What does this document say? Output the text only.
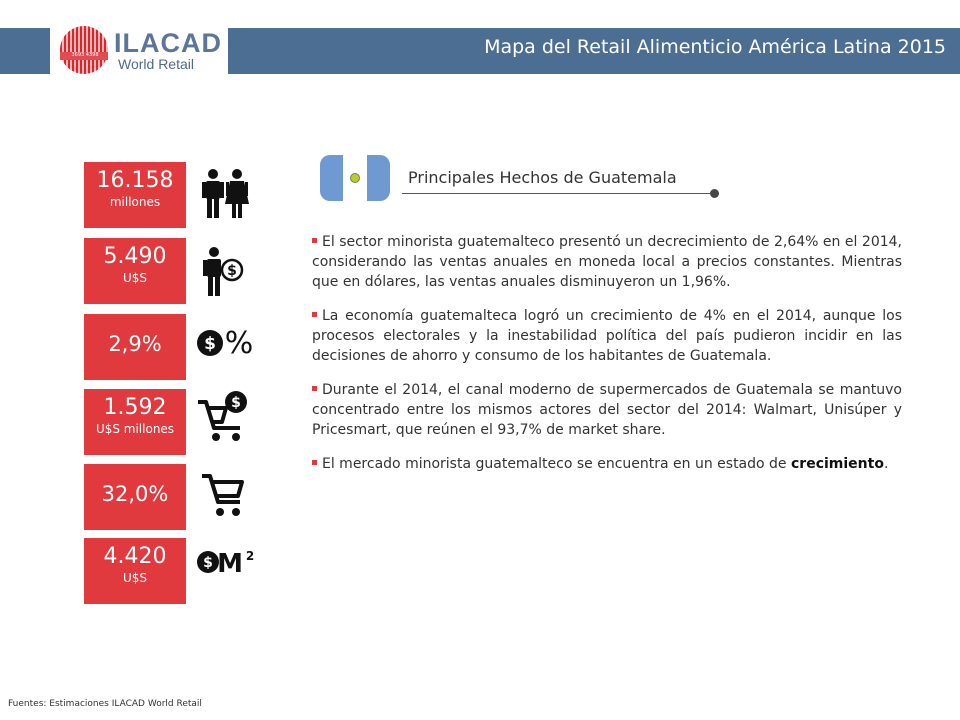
3693 4398 ILACAD
World Retail
Mapa del Retail Alimenticio América Latina 2015
16.158
millones
5.490
U$S
2,9%
1.592
U$S millones
32,0%
4.420
U$S
$
$ %
$
$ M 2
Principales Hechos de Guatemala

El sector minorista guatemalteco presentó un decrecimiento de 2,64% en el 2014, considerando las ventas anuales en moneda local a precios constantes. Mientras que en dólares, las ventas anuales disminuyeron un 1,96%.

La economía guatemalteca logró un crecimiento de 4% en el 2014, aunque los procesos electorales y la inestabilidad política del país pudieron incidir en las decisiones de ahorro y consumo de los habitantes de Guatemala.

Durante el 2014, el canal moderno de supermercados de Guatemala se mantuvo concentrado entre los mismos actores del sector del 2014: Walmart, Unisúper y Pricesmart, que reúnen el 93,7% de market share.

El mercado minorista guatemalteco se encuentra en un estado de crecimiento.

Fuentes: Estimaciones ILACAD World Retail
